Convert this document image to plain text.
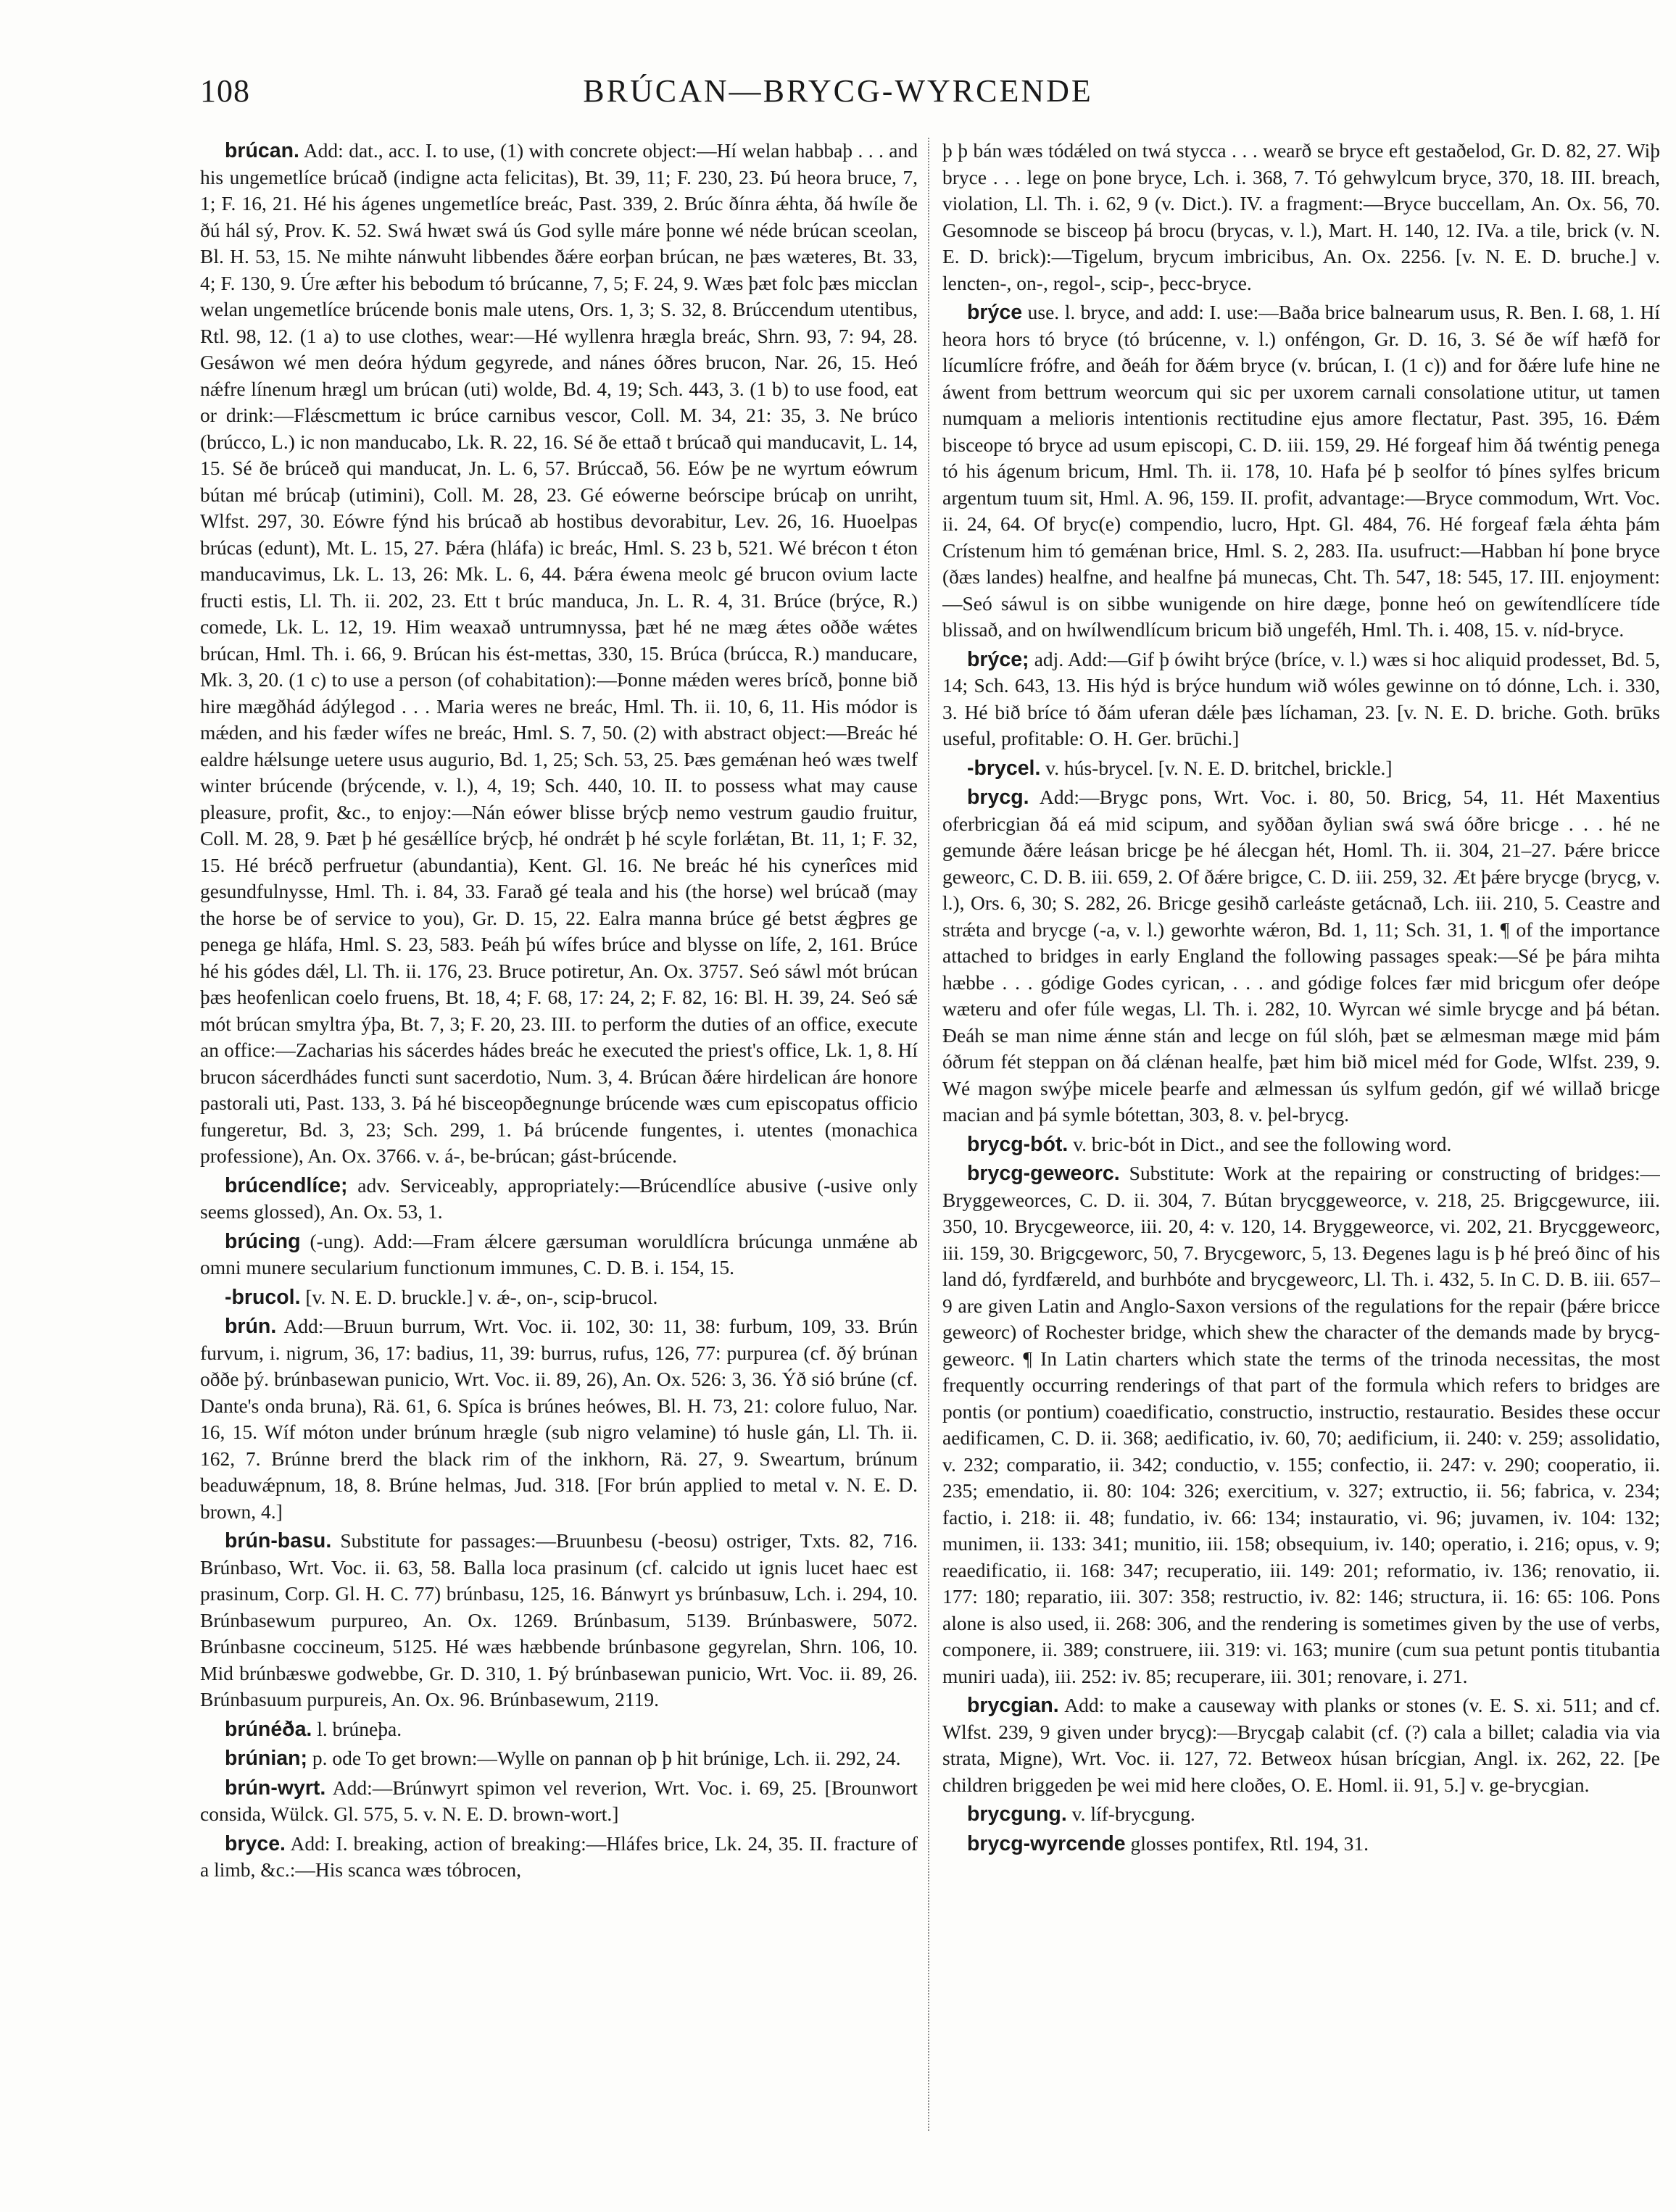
108	BRÚCAN—BRYCG-WYRCENDE

brúcan. Add: dat., acc. I. to use, (1) with concrete object:—Hí welan habbaþ . . . and his ungemetlíce brúcað (indigne acta felicitas), Bt. 39, 11; F. 230, 23. Þú heora bruce, 7, 1; F. 16, 21. Hé his ágenes ungemetlíce breác, Past. 339, 2. Brúc ðínra ǽhta, ðá hwíle ðe ðú hál sý, Prov. K. 52. Swá hwæt swá ús God sylle máre þonne wé néde brúcan sceolan, Bl. H. 53, 15. Ne mihte nánwuht libbendes ðǽre eorþan brúcan, ne þæs wæteres, Bt. 33, 4; F. 130, 9. Úre æfter his bebodum tó brúcanne, 7, 5; F. 24, 9. Wæs þæt folc þæs micclan welan ungemetlíce brúcende bonis male utens, Ors. 1, 3; S. 32, 8. Brúccendum utentibus, Rtl. 98, 12. (1 a) to use clothes, wear:—Hé wyllenra hrægla breác, Shrn. 93, 7: 94, 28. Gesáwon wé men deóra hýdum gegyrede, and nánes óðres brucon, Nar. 26, 15. Heó nǽfre línenum hrægl um brúcan (uti) wolde, Bd. 4, 19; Sch. 443, 3. (1 b) to use food, eat or drink:—Flǽscmettum ic brúce carnibus vescor, Coll. M. 34, 21: 35, 3. Ne brúco (brúcco, L.) ic non manducabo, Lk. R. 22, 16. Sé ðe ettað t brúcað qui manducavit, L. 14, 15. Sé ðe brúceð qui manducat, Jn. L. 6, 57. Brúccað, 56. Eów þe ne wyrtum eówrum bútan mé brúcaþ (utimini), Coll. M. 28, 23. Gé eówerne beórscipe brúcaþ on unriht, Wlfst. 297, 30. Eówre fýnd his brúcað ab hostibus devorabitur, Lev. 26, 16. Huoelpas brúcas (edunt), Mt. L. 15, 27. Þǽra (hláfa) ic breác, Hml. S. 23 b, 521. Wé brécon t éton manducavimus, Lk. L. 13, 26: Mk. L. 6, 44. Þǽra éwena meolc gé brucon ovium lacte fructi estis, Ll. Th. ii. 202, 23. Ett t brúc manduca, Jn. L. R. 4, 31. Brúce (brýce, R.) comede, Lk. L. 12, 19. Him weaxað untrumnyssa, þæt hé ne mæg ǽtes oððe wǽtes brúcan, Hml. Th. i. 66, 9. Brúcan his ést-mettas, 330, 15. Brúca (brúcca, R.) manducare, Mk. 3, 20. (1 c) to use a person (of cohabitation):—Þonne mǽden weres brícð, þonne bið hire mægðhád ádýlegod . . . Maria weres ne breác, Hml. Th. ii. 10, 6, 11. His módor is mǽden, and his fæder wífes ne breác, Hml. S. 7, 50. (2) with abstract object:—Breác hé ealdre hǽlsunge uetere usus augurio, Bd. 1, 25; Sch. 53, 25. Þæs gemǽnan heó wæs twelf winter brúcende (brýcende, v. l.), 4, 19; Sch. 440, 10. II. to possess what may cause pleasure, profit, &c., to enjoy:—Nán eówer blisse brýcþ nemo vestrum gaudio fruitur, Coll. M. 28, 9. Þæt þ hé gesǽllíce brýcþ, hé ondrǽt þ hé scyle forlǽtan, Bt. 11, 1; F. 32, 15. Hé brécð perfruetur (abundantia), Kent. Gl. 16. Ne breác hé his cynerîces mid gesundfulnysse, Hml. Th. i. 84, 33. Farað gé teala and his (the horse) wel brúcað (may the horse be of service to you), Gr. D. 15, 22. Ealra manna brúce gé betst ǽgþres ge penega ge hláfa, Hml. S. 23, 583. Þeáh þú wífes brúce and blysse on lífe, 2, 161. Brúce hé his gódes dǽl, Ll. Th. ii. 176, 23. Bruce potiretur, An. Ox. 3757. Seó sáwl mót brúcan þæs heofenlican coelo fruens, Bt. 18, 4; F. 68, 17: 24, 2; F. 82, 16: Bl. H. 39, 24. Seó sǽ mót brúcan smyltra ýþa, Bt. 7, 3; F. 20, 23. III. to perform the duties of an office, execute an office:—Zacharias his sácerdes hádes breác he executed the priest's office, Lk. 1, 8. Hí brucon sácerdhádes functi sunt sacerdotio, Num. 3, 4. Brúcan ðǽre hirdelican áre honore pastorali uti, Past. 133, 3. Þá hé bisceopðegnunge brúcende wæs cum episcopatus officio fungeretur, Bd. 3, 23; Sch. 299, 1. Þá brúcende fungentes, i. utentes (monachica professione), An. Ox. 3766. v. á-, be-brúcan; gást-brúcende.

brúcendlíce; adv. Serviceably, appropriately:—Brúcendlíce abusive (-usive only seems glossed), An. Ox. 53, 1.

brúcing (-ung). Add:—Fram ǽlcere gærsuman woruldlícra brúcunga unmǽne ab omni munere secularium functionum immunes, C. D. B. i. 154, 15.

-brucol. [v. N. E. D. bruckle.] v. ǽ-, on-, scip-brucol.

brún. Add:—Bruun burrum, Wrt. Voc. ii. 102, 30: 11, 38: furbum, 109, 33. Brún furvum, i. nigrum, 36, 17: badius, 11, 39: burrus, rufus, 126, 77: purpurea (cf. ðý brúnan oððe þý. brúnbasewan punicio, Wrt. Voc. ii. 89, 26), An. Ox. 526: 3, 36. Ýð sió brúne (cf. Dante's onda bruna), Rä. 61, 6. Spíca is brúnes heówes, Bl. H. 73, 21: colore fuluo, Nar. 16, 15. Wíf móton under brúnum hrægle (sub nigro velamine) tó husle gán, Ll. Th. ii. 162, 7. Brúnne brerd the black rim of the inkhorn, Rä. 27, 9. Sweartum, brúnum beaduwǽpnum, 18, 8. Brúne helmas, Jud. 318. [For brún applied to metal v. N. E. D. brown, 4.]

brún-basu. Substitute for passages:—Bruunbesu (-beosu) ostriger, Txts. 82, 716. Brúnbaso, Wrt. Voc. ii. 63, 58. Balla loca prasinum (cf. calcido ut ignis lucet haec est prasinum, Corp. Gl. H. C. 77) brúnbasu, 125, 16. Bánwyrt ys brúnbasuw, Lch. i. 294, 10. Brúnbasewum purpureo, An. Ox. 1269. Brúnbasum, 5139. Brúnbaswere, 5072. Brúnbasne coccineum, 5125. Hé wæs hæbbende brúnbasone gegyrelan, Shrn. 106, 10. Mid brúnbæswe godwebbe, Gr. D. 310, 1. Þý brúnbasewan punicio, Wrt. Voc. ii. 89, 26. Brúnbasuum purpureis, An. Ox. 96. Brúnbasewum, 2119.

brúnéða. l. brúneþa.

brúnian; p. ode To get brown:—Wylle on pannan oþ þ hit brúnige, Lch. ii. 292, 24.

brún-wyrt. Add:—Brúnwyrt spimon vel reverion, Wrt. Voc. i. 69, 25. [Brounwort consida, Wülck. Gl. 575, 5. v. N. E. D. brown-wort.]

bryce. Add: I. breaking, action of breaking:—Hláfes brice, Lk. 24, 35. II. fracture of a limb, &c.:—His scanca wæs tóbrocen,

þ þ bán wæs tódǽled on twá stycca . . . wearð se bryce eft gestaðelod, Gr. D. 82, 27. Wiþ bryce . . . lege on þone bryce, Lch. i. 368, 7. Tó gehwylcum bryce, 370, 18. III. breach, violation, Ll. Th. i. 62, 9 (v. Dict.). IV. a fragment:—Bryce buccellam, An. Ox. 56, 70. Gesomnode se bisceop þá brocu (brycas, v. l.), Mart. H. 140, 12. IVa. a tile, brick (v. N. E. D. brick):—Tigelum, brycum imbricibus, An. Ox. 2256. [v. N. E. D. bruche.] v. lencten-, on-, regol-, scip-, þecc-bryce.

brýce use. l. bryce, and add: I. use:—Baða brice balnearum usus, R. Ben. I. 68, 1. Hí heora hors tó bryce (tó brúcenne, v. l.) onféngon, Gr. D. 16, 3. Sé ðe wíf hæfð for lícumlícre frófre, and ðeáh for ðǽm bryce (v. brúcan, I. (1 c)) and for ðǽre lufe hine ne áwent from bettrum weorcum qui sic per uxorem carnali consolatione utitur, ut tamen numquam a melioris intentionis rectitudine ejus amore flectatur, Past. 395, 16. Ðǽm bisceope tó bryce ad usum episcopi, C. D. iii. 159, 29. Hé forgeaf him ðá twéntig penega tó his ágenum bricum, Hml. Th. ii. 178, 10. Hafa þé þ seolfor tó þínes sylfes bricum argentum tuum sit, Hml. A. 96, 159. II. profit, advantage:—Bryce commodum, Wrt. Voc. ii. 24, 64. Of bryc(e) compendio, lucro, Hpt. Gl. 484, 76. Hé forgeaf fæla ǽhta þám Crístenum him tó gemǽnan brice, Hml. S. 2, 283. IIa. usufruct:—Habban hí þone bryce (ðæs landes) healfne, and healfne þá munecas, Cht. Th. 547, 18: 545, 17. III. enjoyment:—Seó sáwul is on sibbe wunigende on hire dæge, þonne heó on gewítendlícere tíde blissað, and on hwílwendlícum bricum bið ungeféh, Hml. Th. i. 408, 15. v. níd-bryce.

brýce; adj. Add:—Gif þ ówiht brýce (bríce, v. l.) wæs si hoc aliquid prodesset, Bd. 5, 14; Sch. 643, 13. His hýd is brýce hundum wið wóles gewinne on tó dónne, Lch. i. 330, 3. Hé bið bríce tó ðám uferan dǽle þæs líchaman, 23. [v. N. E. D. briche. Goth. brūks useful, profitable: O. H. Ger. brūchi.]

-brycel. v. hús-brycel. [v. N. E. D. britchel, brickle.]

brycg. Add:—Brygc pons, Wrt. Voc. i. 80, 50. Bricg, 54, 11. Hét Maxentius oferbricgian ðá eá mid scipum, and syððan ðylian swá swá óðre bricge . . . hé ne gemunde ðǽre leásan bricge þe hé álecgan hét, Homl. Th. ii. 304, 21–27. Þǽre bricce geweorc, C. D. B. iii. 659, 2. Of ðǽre brigce, C. D. iii. 259, 32. Æt þǽre brycge (brycg, v. l.), Ors. 6, 30; S. 282, 26. Bricge gesihð carleáste getácnað, Lch. iii. 210, 5. Ceastre and strǽta and brycge (-a, v. l.) geworhte wǽron, Bd. 1, 11; Sch. 31, 1. ¶ of the importance attached to bridges in early England the following passages speak:—Sé þe þára mihta hæbbe . . . gódige Godes cyrican, . . . and gódige folces fær mid bricgum ofer deópe wæteru and ofer fúle wegas, Ll. Th. i. 282, 10. Wyrcan wé simle brycge and þá bétan. Ðeáh se man nime ǽnne stán and lecge on fúl slóh, þæt se ælmesman mæge mid þám óðrum fét steppan on ðá clǽnan healfe, þæt him bið micel méd for Gode, Wlfst. 239, 9. Wé magon swýþe micele þearfe and ælmessan ús sylfum gedón, gif wé willað bricge macian and þá symle bótettan, 303, 8. v. þel-brycg.

brycg-bót. v. bric-bót in Dict., and see the following word.

brycg-geweorc. Substitute: Work at the repairing or constructing of bridges:—Bryggeweorces, C. D. ii. 304, 7. Bútan brycggeweorce, v. 218, 25. Brigcgewurce, iii. 350, 10. Brycgeweorce, iii. 20, 4: v. 120, 14. Bryggeweorce, vi. 202, 21. Brycggeweorc, iii. 159, 30. Brigcgeworc, 50, 7. Brycgeworc, 5, 13. Ðegenes lagu is þ hé þreó ðinc of his land dó, fyrdfæreld, and burhbóte and brycgeweorc, Ll. Th. i. 432, 5. In C. D. B. iii. 657–9 are given Latin and Anglo-Saxon versions of the regulations for the repair (þǽre bricce geweorc) of Rochester bridge, which shew the character of the demands made by brycg-geweorc. ¶ In Latin charters which state the terms of the trinoda necessitas, the most frequently occurring renderings of that part of the formula which refers to bridges are pontis (or pontium) coaedificatio, constructio, instructio, restauratio. Besides these occur aedificamen, C. D. ii. 368; aedificatio, iv. 60, 70; aedificium, ii. 240: v. 259; assolidatio, v. 232; comparatio, ii. 342; conductio, v. 155; confectio, ii. 247: v. 290; cooperatio, ii. 235; emendatio, ii. 80: 104: 326; exercitium, v. 327; extructio, ii. 56; fabrica, v. 234; factio, i. 218: ii. 48; fundatio, iv. 66: 134; instauratio, vi. 96; juvamen, iv. 104: 132; munimen, ii. 133: 341; munitio, iii. 158; obsequium, iv. 140; operatio, i. 216; opus, v. 9; reaedificatio, ii. 168: 347; recuperatio, iii. 149: 201; reformatio, iv. 136; renovatio, ii. 177: 180; reparatio, iii. 307: 358; restructio, iv. 82: 146; structura, ii. 16: 65: 106. Pons alone is also used, ii. 268: 306, and the rendering is sometimes given by the use of verbs, componere, ii. 389; construere, iii. 319: vi. 163; munire (cum sua petunt pontis titubantia muniri uada), iii. 252: iv. 85; recuperare, iii. 301; renovare, i. 271.

brycgian. Add: to make a causeway with planks or stones (v. E. S. xi. 511; and cf. Wlfst. 239, 9 given under brycg):—Brycgaþ calabit (cf. (?) cala a billet; caladia via via strata, Migne), Wrt. Voc. ii. 127, 72. Betweox húsan brícgian, Angl. ix. 262, 22. [Þe children briggeden þe wei mid here cloðes, O. E. Homl. ii. 91, 5.] v. ge-brycgian.

brycgung. v. líf-brycgung.

brycg-wyrcende glosses pontifex, Rtl. 194, 31.
